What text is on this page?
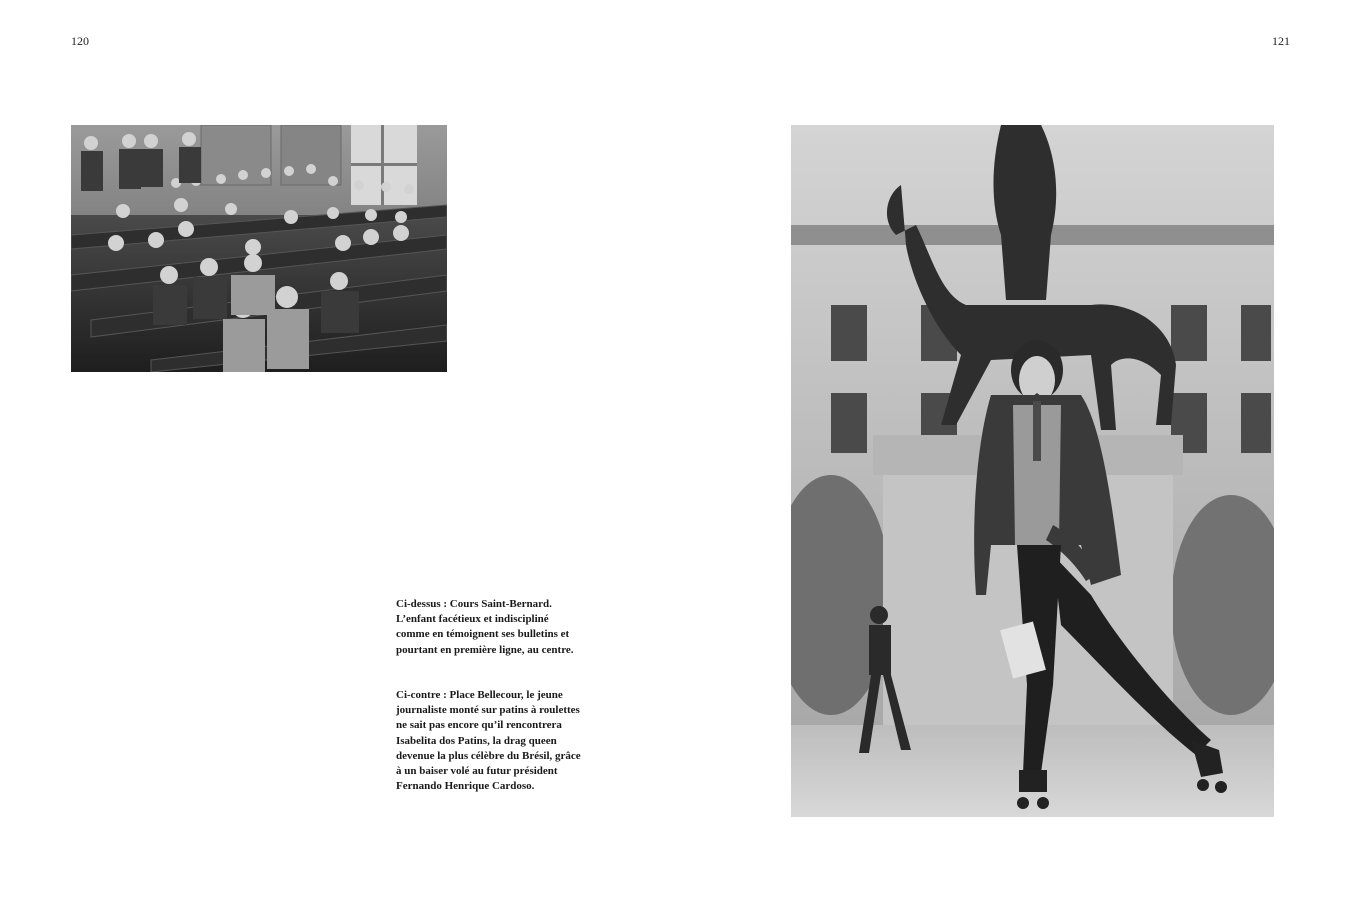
120	121

Ci-dessus : Cours Saint-Bernard. L’enfant facétieux et indiscipliné comme en témoignent ses bulletins et pourtant en première ligne, au centre.

Ci-contre : Place Bellecour, le jeune journaliste monté sur patins à roulettes ne sait pas encore qu’il rencontrera Isabelita dos Patins, la drag queen devenue la plus célèbre du Brésil, grâce à un baiser volé au futur président Fernando Henrique Cardoso.
